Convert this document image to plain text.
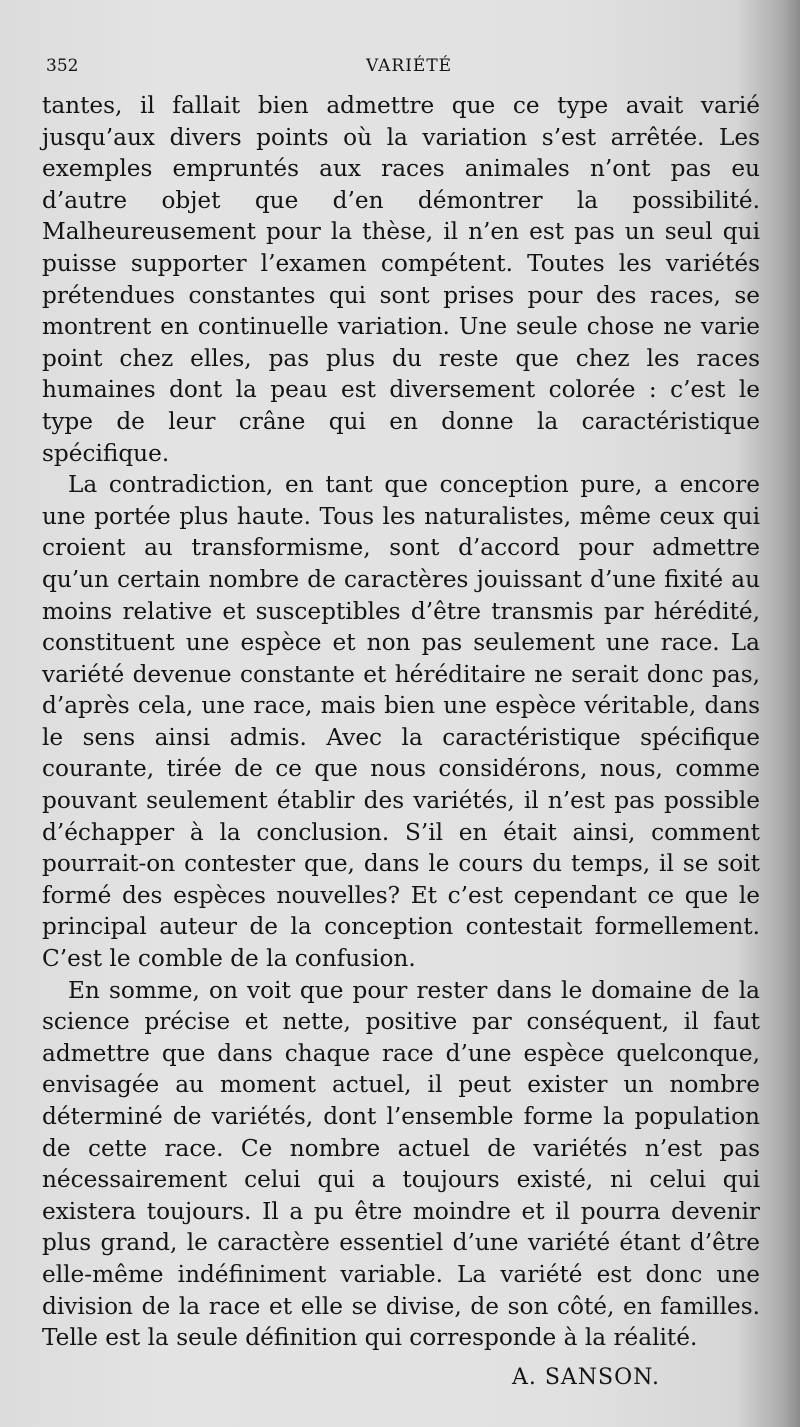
352	VARIÉTÉ

tantes, il fallait bien admettre que ce type avait varié jusqu’aux divers points où la variation s’est arrêtée. Les exemples empruntés aux races animales n’ont pas eu d’autre objet que d’en démontrer la possibilité. Malheureusement pour la thèse, il n’en est pas un seul qui puisse supporter l’examen compétent. Toutes les variétés prétendues constantes qui sont prises pour des races, se montrent en continuelle variation. Une seule chose ne varie point chez elles, pas plus du reste que chez les races humaines dont la peau est diversement colorée : c’est le type de leur crâne qui en donne la caractéristique spécifique.

La contradiction, en tant que conception pure, a encore une portée plus haute. Tous les naturalistes, même ceux qui croient au transformisme, sont d’accord pour admettre qu’un certain nombre de caractères jouissant d’une fixité au moins relative et susceptibles d’être transmis par hérédité, constituent une espèce et non pas seulement une race. La variété devenue constante et héréditaire ne serait donc pas, d’après cela, une race, mais bien une espèce véritable, dans le sens ainsi admis. Avec la caractéristique spécifique courante, tirée de ce que nous considérons, nous, comme pouvant seulement établir des variétés, il n’est pas possible d’échapper à la conclusion. S’il en était ainsi, comment pourrait-on contester que, dans le cours du temps, il se soit formé des espèces nouvelles? Et c’est cependant ce que le principal auteur de la conception contestait formellement. C’est le comble de la confusion.

En somme, on voit que pour rester dans le domaine de la science précise et nette, positive par conséquent, il faut admettre que dans chaque race d’une espèce quelconque, envisagée au moment actuel, il peut exister un nombre déterminé de variétés, dont l’ensemble forme la population de cette race. Ce nombre actuel de variétés n’est pas nécessairement celui qui a toujours existé, ni celui qui existera toujours. Il a pu être moindre et il pourra devenir plus grand, le caractère essentiel d’une variété étant d’être elle-même indéfiniment variable. La variété est donc une division de la race et elle se divise, de son côté, en familles. Telle est la seule définition qui corresponde à la réalité.

A. SANSON.
